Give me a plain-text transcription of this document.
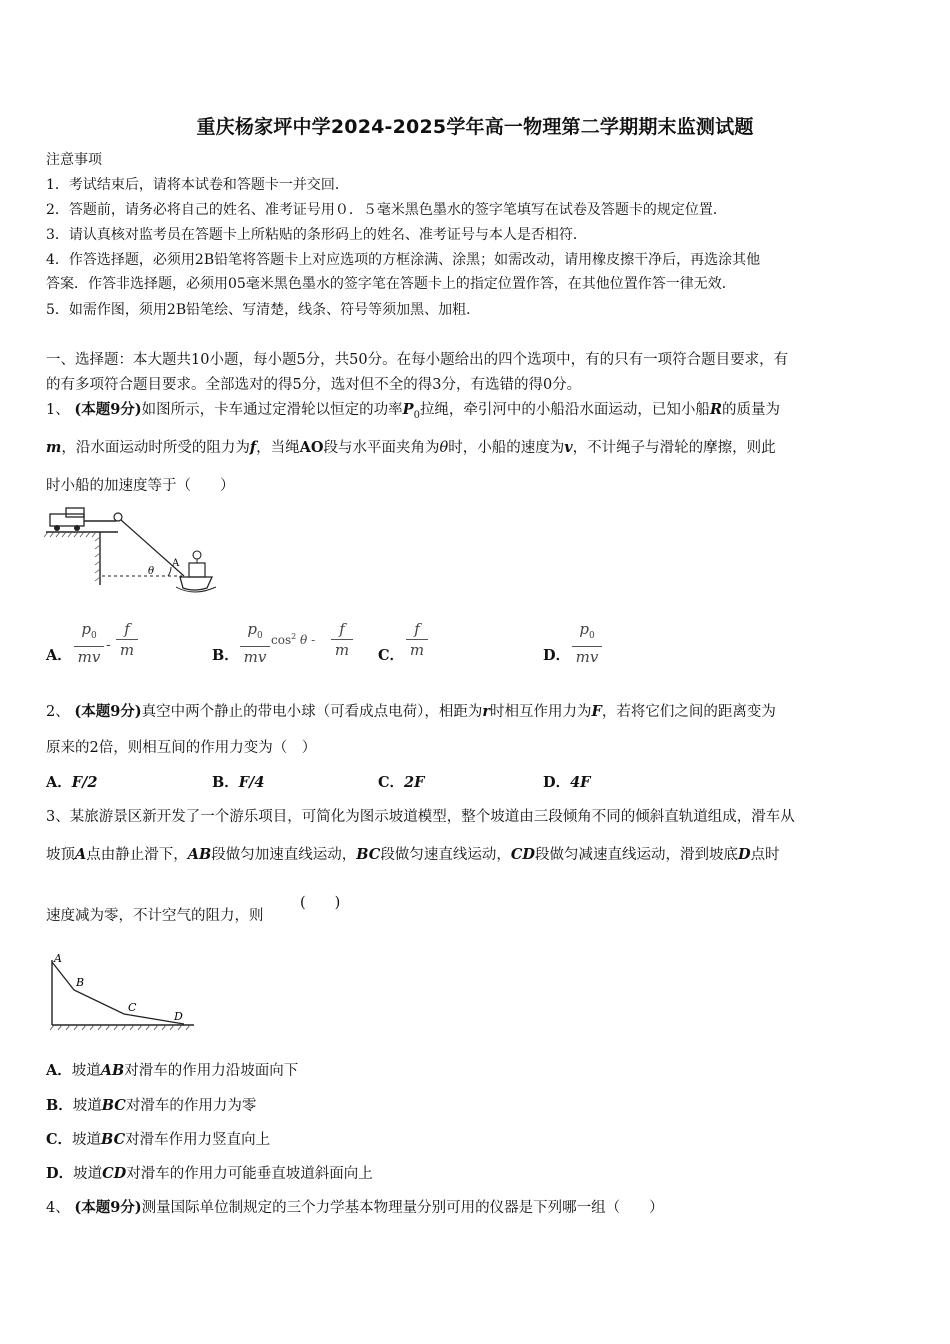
重庆杨家坪中学2024-2025学年高一物理第二学期期末监测试题
注意事项
1．考试结束后，请将本试卷和答题卡一并交回．
2．答题前，请务必将自己的姓名、准考证号用０．５毫米黑色墨水的签字笔填写在试卷及答题卡的规定位置．
3．请认真核对监考员在答题卡上所粘贴的条形码上的姓名、准考证号与本人是否相符．
4．作答选择题，必须用2B铅笔将答题卡上对应选项的方框涂满、涂黑；如需改动，请用橡皮擦干净后，再选涂其他
答案．作答非选择题，必须用05毫米黑色墨水的签字笔在答题卡上的指定位置作答，在其他位置作答一律无效．
5．如需作图，须用2B铅笔绘、写清楚，线条、符号等须加黑、加粗．
一、选择题：本大题共10小题，每小题5分，共50分。在每小题给出的四个选项中，有的只有一项符合题目要求，有
的有多项符合题目要求。全部选对的得5分，选对但不全的得3分，有选错的得0分。
1、 (本题9分)如图所示，卡车通过定滑轮以恒定的功率$P_0$拉绳，牵引河中的小船沿水面运动，已知小船R的质量为
m，沿水面运动时所受的阻力为f，当绳AO段与水平面夹角为θ时，小船的速度为v，不计绳子与滑轮的摩擦，则此
时小船的加速度等于（　　）
θ
A
A．
$p_0$
mv
-
f
m	B．
$p_0$
mv
$\cos^2 \theta$ -
f
m C．
f
m	D．
$p_0$
mv
2、 (本题9分)真空中两个静止的带电小球（可看成点电荷），相距为r时相互作用力为F，若将它们之间的距离变为
原来的2倍，则相互间的作用力变为（　）
A．F/2	B．F/4	C．2F	D．4F
3、某旅游景区新开发了一个游乐项目，可简化为图示坡道模型，整个坡道由三段倾角不同的倾斜直轨道组成，滑车从
坡顶A点由静止滑下，AB段做匀加速直线运动，BC段做匀速直线运动，CD段做匀减速直线运动，滑到坡底D点时
速度减为零，不计空气的阻力，则
(　　)
A
B
C
D
A．坡道AB对滑车的作用力沿坡面向下
B．坡道BC对滑车的作用力为零
C．坡道BC对滑车作用力竖直向上
D．坡道CD对滑车的作用力可能垂直坡道斜面向上
4、 (本题9分)测量国际单位制规定的三个力学基本物理量分别可用的仪器是下列哪一组（　　）
